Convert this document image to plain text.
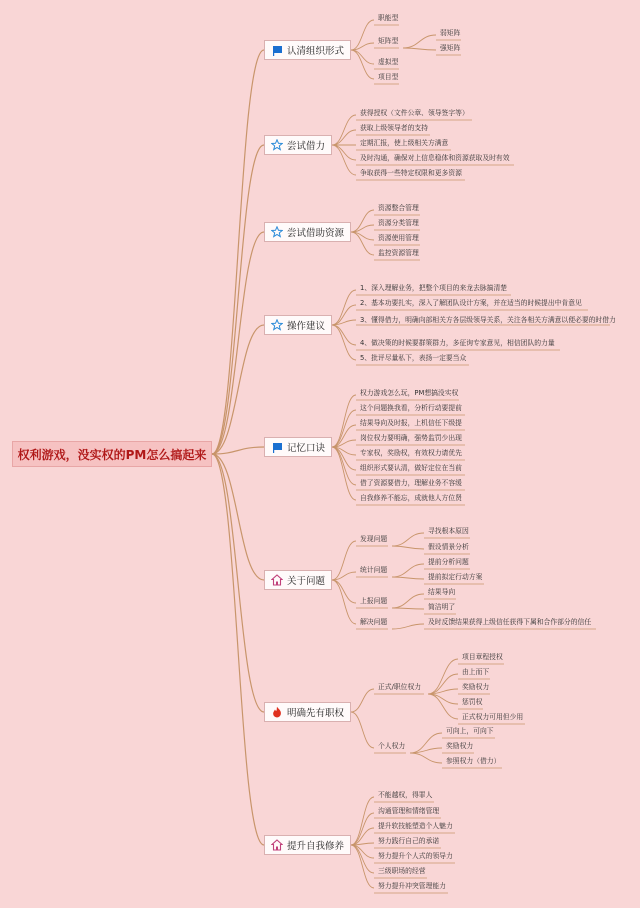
权利游戏，没实权的PM怎么搞起来
认清组织形式
职能型
矩阵型
弱矩阵
强矩阵
虚拟型
项目型
尝试借力
获得授权（文件公章、领导签字等）
获取上级领导者的支持
定期汇报，使上级相关方满意
及时沟通，确保对上信息稳体和资源获取及时有效
争取获得一些特定权限和更多资源
尝试借助资源
资源整合管理
资源分类管理
资源使用管理
监控资源管理
操作建议
1、深入理解业务，把整个项目的来龙去脉搞清楚
2、基本功要扎实，深入了解团队设计方案，并在适当的时候提出中肯意见
3、懂得借力，明确向部相关方各层级领导关系，关注各相关方满意以便必要的时借力
4、做决策的时候要群策群力，多征询专家意见，相信团队的力量
5、批评尽量私下，表扬一定要当众
记忆口诀
权力游戏怎么玩，PM想搞没实权
这个问题换我看，分析行动要提前
结果导向及时报，上机信任下级提
岗位权力要明确，强势监罚少出现
专家权，奖励权，有效权力请优先
组织形式要认清，做好定位在当前
借了资源要借力，理解业务不容缓
自我修养不能忘，成就他人方位贤
关于问题
发现问题
寻找根本原因
假设情景分析
统计问题
提前分析问题
提前拟定行动方案
上报问题
结果导向
简洁明了
解决问题	及时反馈结果获得上级信任获得下属和合作部分的信任
明确先有职权
正式/职位权力
项目章程授权
由上而下
奖励权力
惩罚权
正式权力可用但少用
个人权力
可向上，可向下
奖励权力
参照权力（借力）
提升自我修养
不能越权，得罪人
沟通管理和情绪管理
提升软技能塑造个人魅力
努力践行自己的承诺
努力提升个人式的领导力
三级职场的经营
努力提升冲突管理能力
